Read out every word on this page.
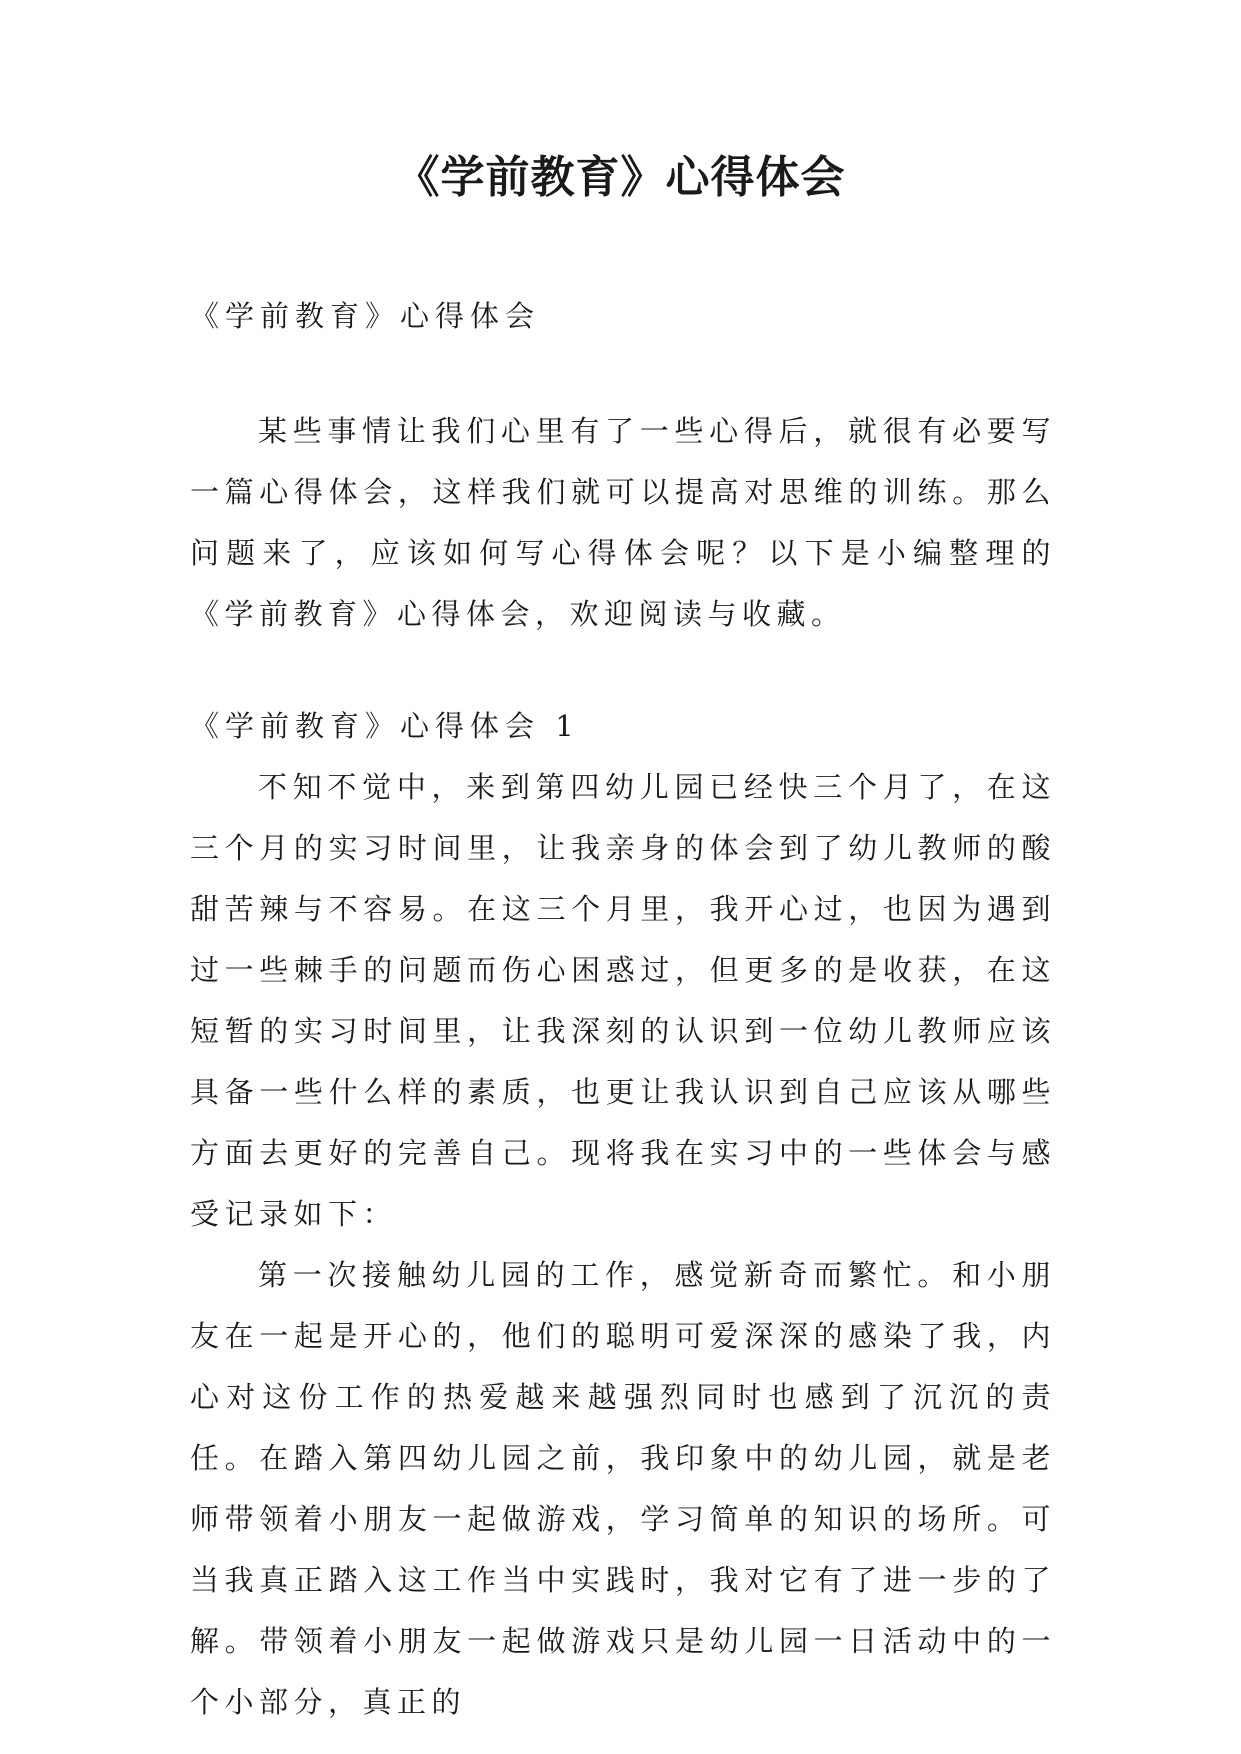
《学前教育》心得体会
《学前教育》心得体会

某些事情让我们心里有了一些心得后，就很有必要写一篇心得体会，这样我们就可以提高对思维的训练。那么问题来了，应该如何写心得体会呢？以下是小编整理的《学前教育》心得体会，欢迎阅读与收藏。

《学前教育》心得体会 1

不知不觉中，来到第四幼儿园已经快三个月了，在这三个月的实习时间里，让我亲身的体会到了幼儿教师的酸甜苦辣与不容易。在这三个月里，我开心过，也因为遇到过一些棘手的问题而伤心困惑过，但更多的是收获，在这短暂的实习时间里，让我深刻的认识到一位幼儿教师应该具备一些什么样的素质，也更让我认识到自己应该从哪些方面去更好的完善自己。现将我在实习中的一些体会与感受记录如下：

第一次接触幼儿园的工作，感觉新奇而繁忙。和小朋友在一起是开心的，他们的聪明可爱深深的感染了我，内心对这份工作的热爱越来越强烈同时也感到了沉沉的责任。在踏入第四幼儿园之前，我印象中的幼儿园，就是老师带领着小朋友一起做游戏，学习简单的知识的场所。可当我真正踏入这工作当中实践时，我对它有了进一步的了解。带领着小朋友一起做游戏只是幼儿园一日活动中的一个小部分，真正的
